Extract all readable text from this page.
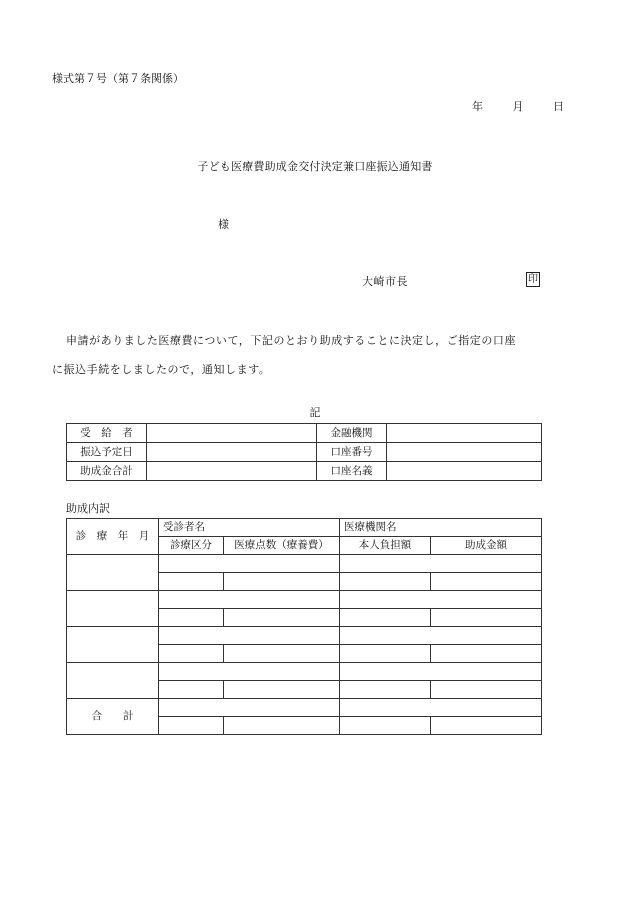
様式第７号（第７条関係）
年	月	日
子ども医療費助成金交付決定兼口座振込通知書
様
大崎市長	印
申請がありました医療費について，下記のとおり助成することに決定し，ご指定の口座
に振込手続をしましたので，通知します。
記
受　給　者		金融機関	
振込予定日		口座番号	
助成金合計		口座名義	
助成内訳
診　療　年　月	受診者名		医療機関名	
	診療区分	医療点数（療養費）	本人負担額	助成金額

合　　計				
